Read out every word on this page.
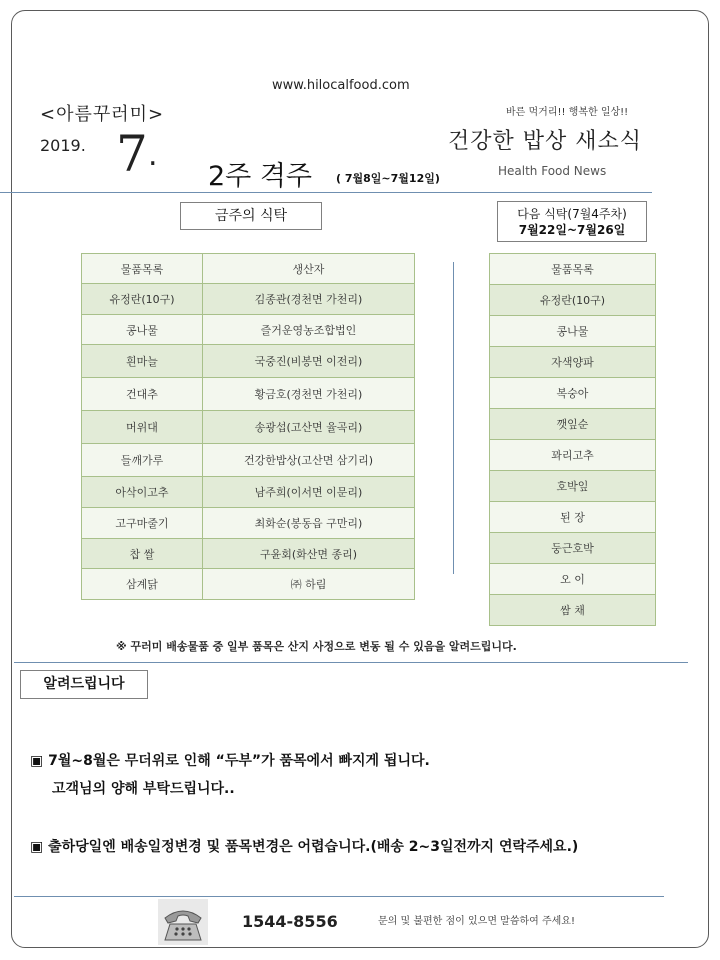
www.hilocalfood.com
<아름꾸러미>
2019. 7 .
바른 먹거리!! 행복한 일상!!
건강한 밥상 새소식
Health Food News
2주 격주 ( 7월8일~7월12일)
금주의 식탁	다음 식탁(7월4주차)
7월22일~7월26일
물품목록	생산자
유정란(10구)	김종관(경천면 가천리)
콩나물	즐거운영농조합법인
흰마늘	국중진(비봉면 이전리)
건대추	황금호(경천면 가천리)
머위대	송광섭(고산면 율곡리)
들깨가루	건강한밥상(고산면 삼기리)
아삭이고추	남주희(이서면 이문리)
고구마줄기	최화순(봉동읍 구만리)
찹 쌀	구윤회(화산면 종리)
삼계닭	㈜ 하림
물품목록
유정란(10구)
콩나물
자색양파
복숭아
깻잎순
꽈리고추
호박잎
된 장
둥근호박
오 이
쌈 채
※ 꾸러미 배송물품 중 일부 품목은 산지 사정으로 변동 될 수 있음을 알려드립니다.
알려드립니다
▣ 7월~8월은 무더위로 인해 “두부”가 품목에서 빠지게 됩니다.
고객님의 양해 부탁드립니다..
▣ 출하당일엔 배송일정변경 및 품목변경은 어렵습니다.(배송 2~3일전까지 연락주세요.)
1544-8556	문의 및 불편한 점이 있으면 말씀하여 주세요!
